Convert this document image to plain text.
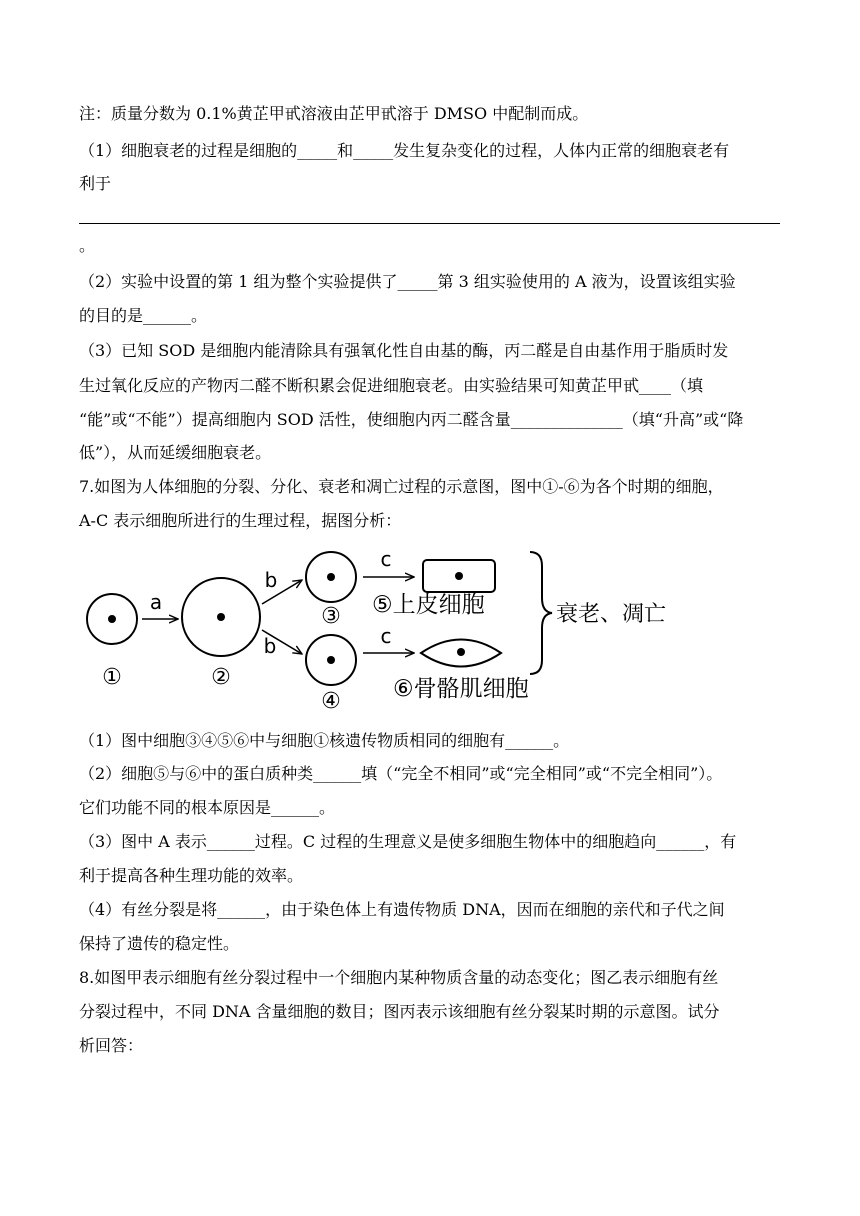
注：质量分数为 0.1%黄芷甲甙溶液由芷甲甙溶于 DMSO 中配制而成。
（1）细胞衰老的过程是细胞的_____和_____发生复杂变化的过程，人体内正常的细胞衰老有
利于
。
（2）实验中设置的第 1 组为整个实验提供了_____第 3 组实验使用的 A 液为，设置该组实验
的目的是______。
（3）已知 SOD 是细胞内能清除具有强氧化性自由基的酶，丙二醛是自由基作用于脂质时发
生过氧化反应的产物丙二醛不断积累会促进细胞衰老。由实验结果可知黄芷甲甙____（填
“能”或“不能”）提高细胞内 SOD 活性，使细胞内丙二醛含量______________（填“升高”或“降
低”），从而延缓细胞衰老。
7.如图为人体细胞的分裂、分化、衰老和凋亡过程的示意图，图中①-⑥为各个时期的细胞，
A-C 表示细胞所进行的生理过程，据图分析：
①
a
②
b
b
③
④
c
c
⑤上皮细胞
⑥骨骼肌细胞
衰老、凋亡
（1）图中细胞③④⑤⑥中与细胞①核遗传物质相同的细胞有______。
（2）细胞⑤与⑥中的蛋白质种类______填（“完全不相同”或“完全相同”或“不完全相同”）。
它们功能不同的根本原因是______。
（3）图中 A 表示______过程。C 过程的生理意义是使多细胞生物体中的细胞趋向______，有
利于提高各种生理功能的效率。
（4）有丝分裂是将______，由于染色体上有遗传物质 DNA，因而在细胞的亲代和子代之间
保持了遗传的稳定性。
8.如图甲表示细胞有丝分裂过程中一个细胞内某种物质含量的动态变化；图乙表示细胞有丝
分裂过程中，不同 DNA 含量细胞的数目；图丙表示该细胞有丝分裂某时期的示意图。试分
析回答：
